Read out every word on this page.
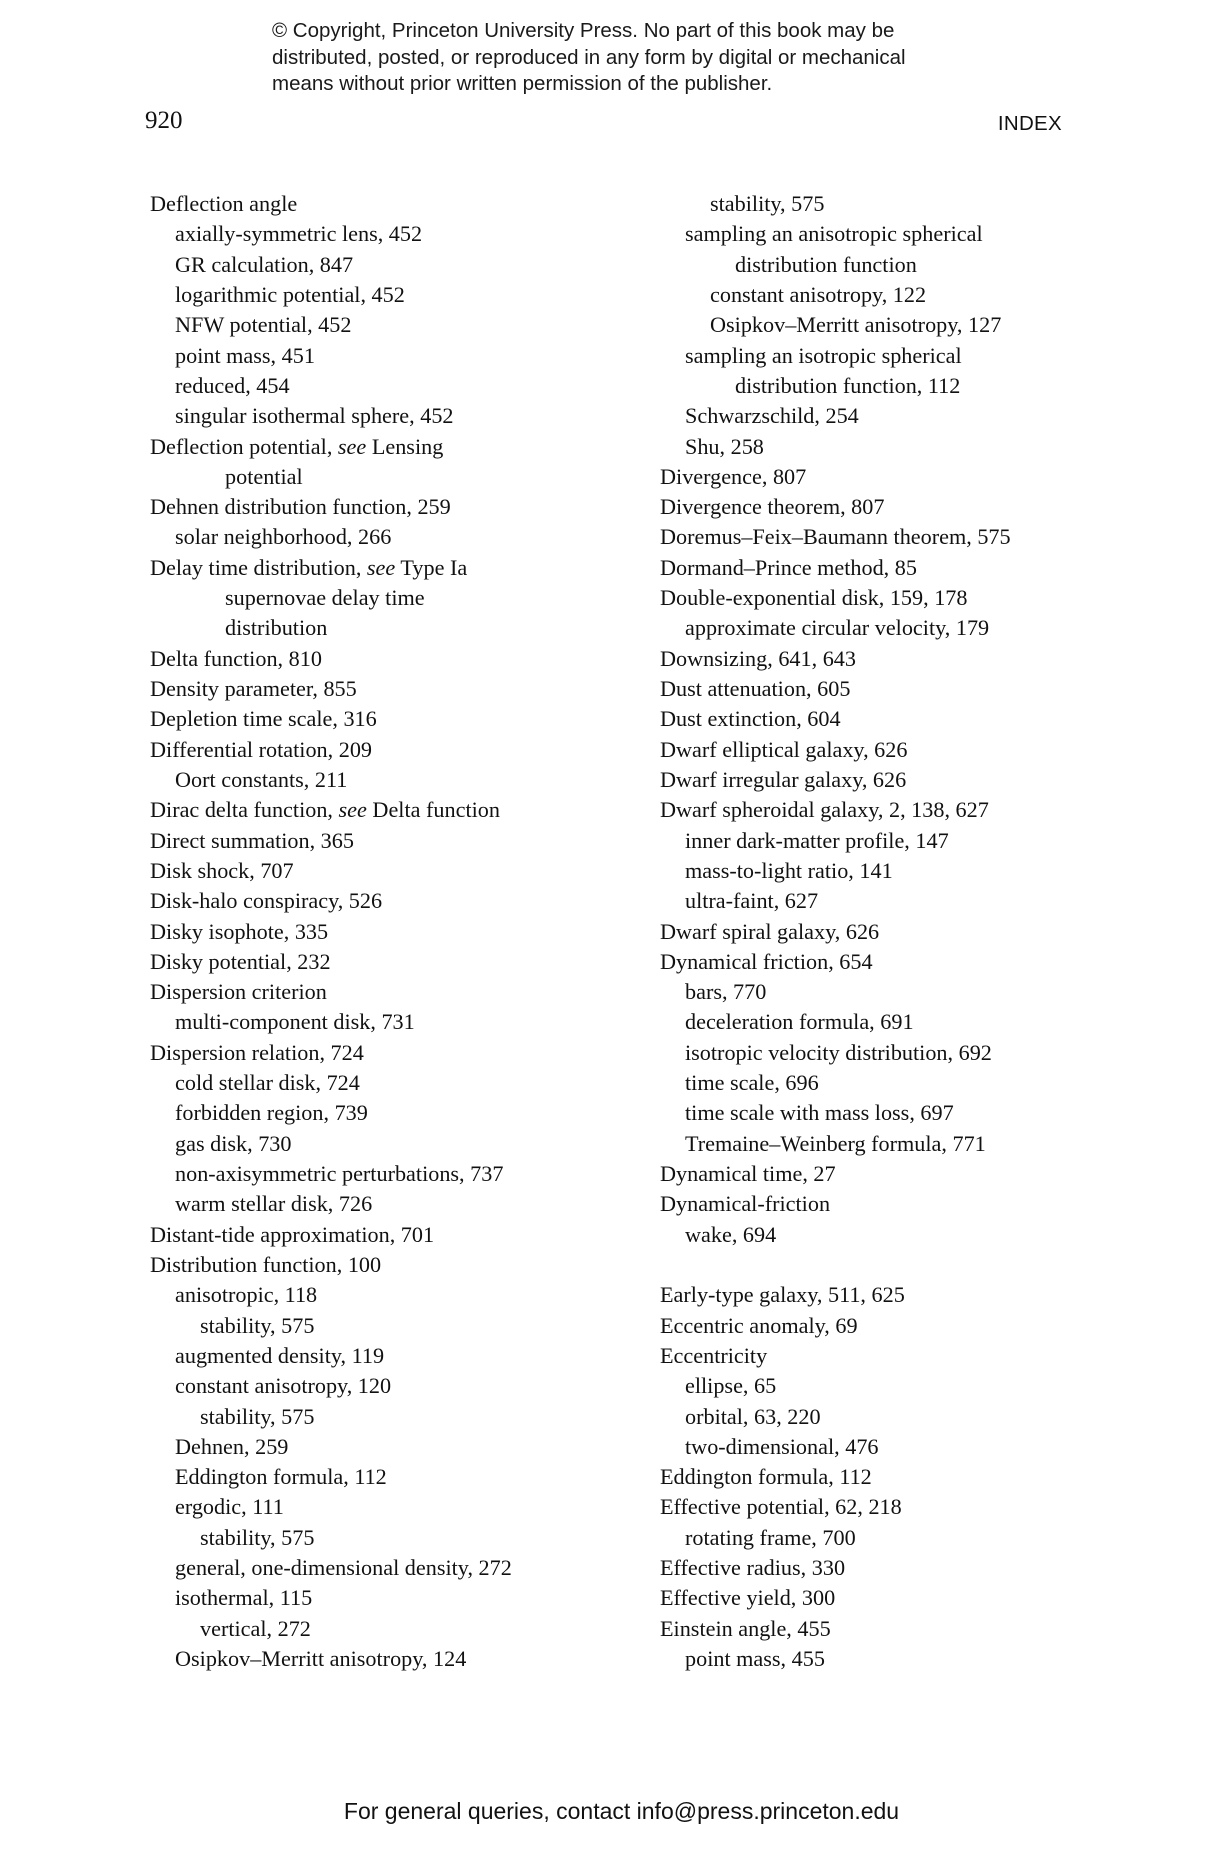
© Copyright, Princeton University Press. No part of this book may be
distributed, posted, or reproduced in any form by digital or mechanical
means without prior written permission of the publisher.
920	INDEX
Deflection angle
axially-symmetric lens, 452
GR calculation, 847
logarithmic potential, 452
NFW potential, 452
point mass, 451
reduced, 454
singular isothermal sphere, 452
Deflection potential, see Lensing
potential
Dehnen distribution function, 259
solar neighborhood, 266
Delay time distribution, see Type Ia
supernovae delay time
distribution
Delta function, 810
Density parameter, 855
Depletion time scale, 316
Differential rotation, 209
Oort constants, 211
Dirac delta function, see Delta function
Direct summation, 365
Disk shock, 707
Disk-halo conspiracy, 526
Disky isophote, 335
Disky potential, 232
Dispersion criterion
multi-component disk, 731
Dispersion relation, 724
cold stellar disk, 724
forbidden region, 739
gas disk, 730
non-axisymmetric perturbations, 737
warm stellar disk, 726
Distant-tide approximation, 701
Distribution function, 100
anisotropic, 118
stability, 575
augmented density, 119
constant anisotropy, 120
stability, 575
Dehnen, 259
Eddington formula, 112
ergodic, 111
stability, 575
general, one-dimensional density, 272
isothermal, 115
vertical, 272
Osipkov–Merritt anisotropy, 124
stability, 575
sampling an anisotropic spherical
distribution function
constant anisotropy, 122
Osipkov–Merritt anisotropy, 127
sampling an isotropic spherical
distribution function, 112
Schwarzschild, 254
Shu, 258
Divergence, 807
Divergence theorem, 807
Doremus–Feix–Baumann theorem, 575
Dormand–Prince method, 85
Double-exponential disk, 159, 178
approximate circular velocity, 179
Downsizing, 641, 643
Dust attenuation, 605
Dust extinction, 604
Dwarf elliptical galaxy, 626
Dwarf irregular galaxy, 626
Dwarf spheroidal galaxy, 2, 138, 627
inner dark-matter profile, 147
mass-to-light ratio, 141
ultra-faint, 627
Dwarf spiral galaxy, 626
Dynamical friction, 654
bars, 770
deceleration formula, 691
isotropic velocity distribution, 692
time scale, 696
time scale with mass loss, 697
Tremaine–Weinberg formula, 771
Dynamical time, 27
Dynamical-friction
wake, 694
Early-type galaxy, 511, 625
Eccentric anomaly, 69
Eccentricity
ellipse, 65
orbital, 63, 220
two-dimensional, 476
Eddington formula, 112
Effective potential, 62, 218
rotating frame, 700
Effective radius, 330
Effective yield, 300
Einstein angle, 455
point mass, 455
For general queries, contact info@press.princeton.edu
